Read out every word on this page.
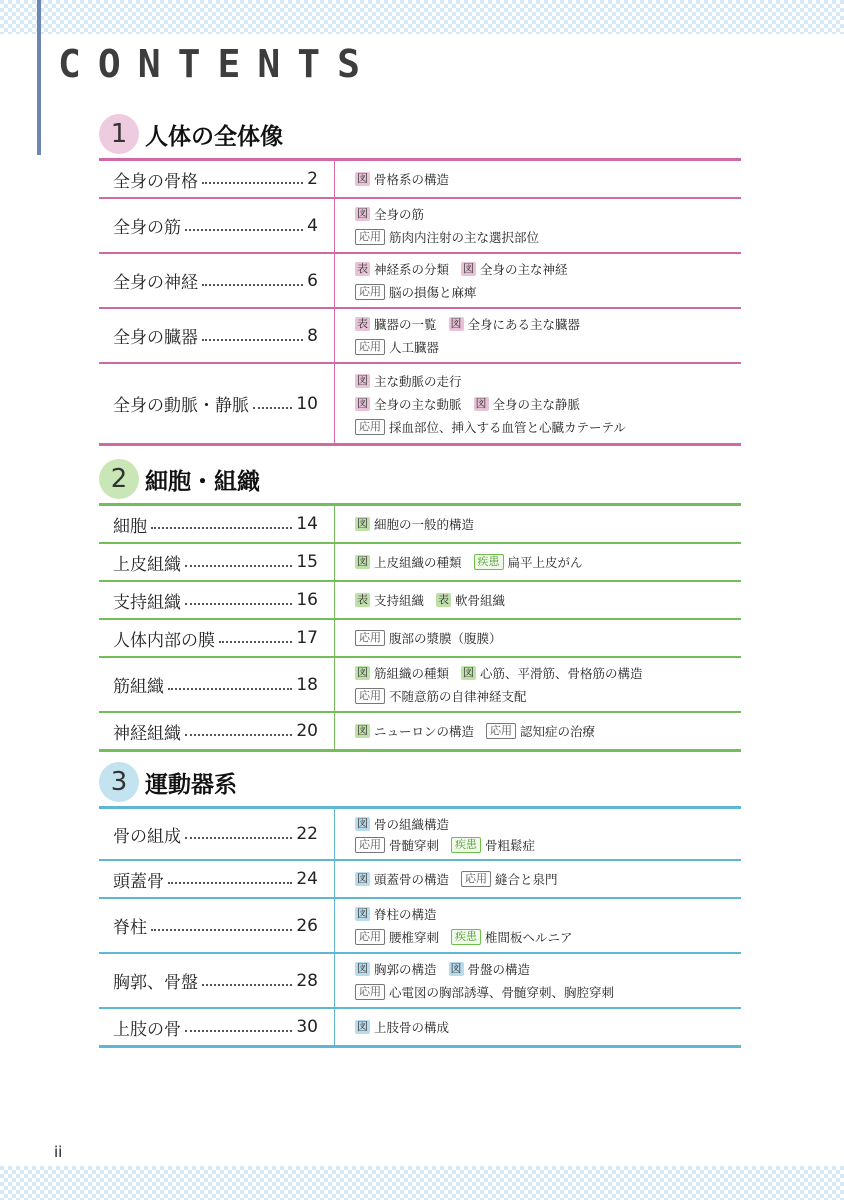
CONTENTS
1 人体の全体像
全身の骨格	2	図 骨格系の構造
全身の筋	4
図 全身の筋
応用 筋肉内注射の主な選択部位
全身の神経	6
表 神経系の分類 図 全身の主な神経
応用 脳の損傷と麻痺
全身の臓器	8
表 臓器の一覧 図 全身にある主な臓器
応用 人工臓器
全身の動脈・静脈	10
図 主な動脈の走行
図 全身の主な動脈 図 全身の主な静脈
応用 採血部位、挿入する血管と心臓カテーテル
2 細胞・組織
細胞	14	図 細胞の一般的構造
上皮組織	15	図 上皮組織の種類	疾患 扁平上皮がん
支持組織	16	表 支持組織 表 軟骨組織
人体内部の膜	17	応用 腹部の漿膜（腹膜）
筋組織	18
図 筋組織の種類 図 心筋、平滑筋、骨格筋の構造
応用 不随意筋の自律神経支配
神経組織	20	図 ニューロンの構造	応用 認知症の治療
3 運動器系
骨の組成	22
図 骨の組織構造
応用 骨髄穿刺	疾患 骨粗鬆症
頭蓋骨	24	図 頭蓋骨の構造	応用 縫合と泉門
脊柱	26
図 脊柱の構造
応用 腰椎穿刺	疾患 椎間板ヘルニア
胸郭、骨盤	28
図 胸郭の構造 図 骨盤の構造
応用 心電図の胸部誘導、骨髄穿刺、胸腔穿刺
上肢の骨	30	図 上肢骨の構成
ii
